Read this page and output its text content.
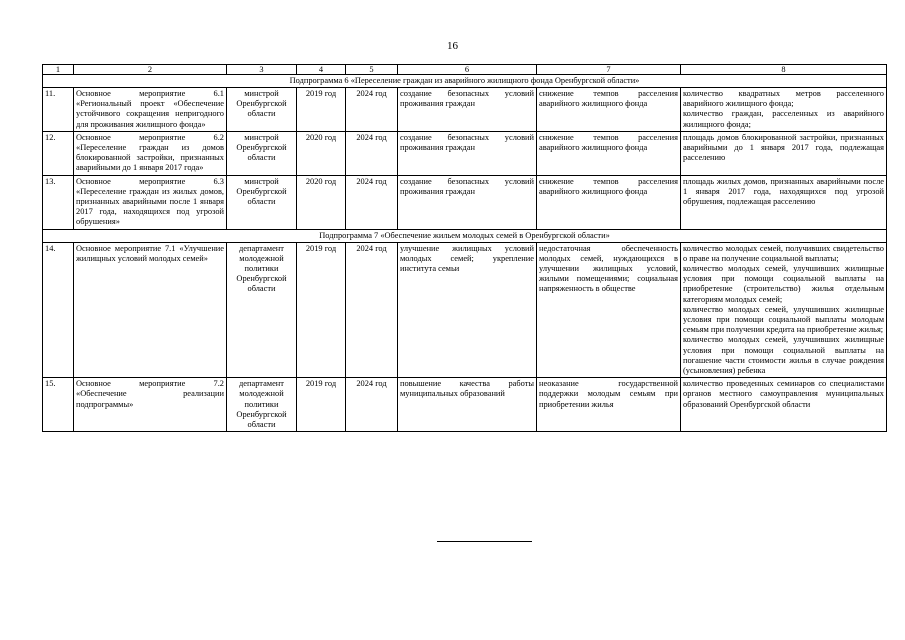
16
1	2	3	4	5	6	7	8
Подпрограмма 6 «Переселение граждан из аварийного жилищного фонда Оренбургской области»							
11.	Основное мероприятие 6.1 «Региональный проект «Обеспечение устойчивого сокращения непригодного для проживания жилищного фонда»	минстрой Оренбургской области	2019 год	2024 год	создание безопасных условий проживания граждан	снижение темпов расселения аварийного жилищного фонда	количество квадратных метров расселенного аварийного жилищного фонда;
количество граждан, расселенных из аварийного жилищного фонда;

12.	Основное мероприятие 6.2 «Переселение граждан из домов блокированной застройки, признанных аварийными до 1 января 2017 года»	минстрой Оренбургской области	2020 год	2024 год	создание безопасных условий проживания граждан	снижение темпов расселения аварийного жилищного фонда	площадь домов блокированной застройки, признанных аварийными до 1 января 2017 года, подлежащая расселению

13.	Основное мероприятие 6.3 «Переселение граждан из жилых домов, признанных аварийными после 1 января 2017 года, находящихся под угрозой обрушения»	минстрой Оренбургской области	2020 год	2024 год	создание безопасных условий проживания граждан	снижение темпов расселения аварийного жилищного фонда	площадь жилых домов, признанных аварийными после 1 января 2017 года, находящихся под угрозой обрушения, подлежащая расселению

Подпрограмма 7 «Обеспечение жильем молодых семей в Оренбургской области»							
14.	Основное мероприятие 7.1 «Улучшение жилищных условий молодых семей»	департамент молодежной политики Оренбургской области	2019 год	2024 год	улучшение жилищных условий молодых семей; укрепление института семьи	недостаточная обеспеченность молодых семей, нуждающихся в улучшении жилищных условий, жилыми помещениями; социальная напряженность в обществе	количество молодых семей, получивших свидетельство о праве на получение социальной выплаты;
количество молодых семей, улучшивших жилищные условия при помощи социальной выплаты на приобретение (строительство) жилья отдельным категориям молодых семей;
количество молодых семей, улучшивших жилищные условия при помощи социальной выплаты молодым семьям при получении кредита на приобретение жилья;
количество молодых семей, улучшивших жилищные условия при помощи социальной выплаты на погашение части стоимости жилья в случае рождения (усыновления) ребенка

15.	Основное мероприятие 7.2 «Обеспечение реализации подпрограммы»	департамент молодежной политики Оренбургской области	2019 год	2024 год	повышение качества работы муниципальных образований	неоказание государственной поддержки молодым семьям при приобретении жилья	количество проведенных семинаров со специалистами органов местного самоуправления муниципальных образований Оренбургской области
